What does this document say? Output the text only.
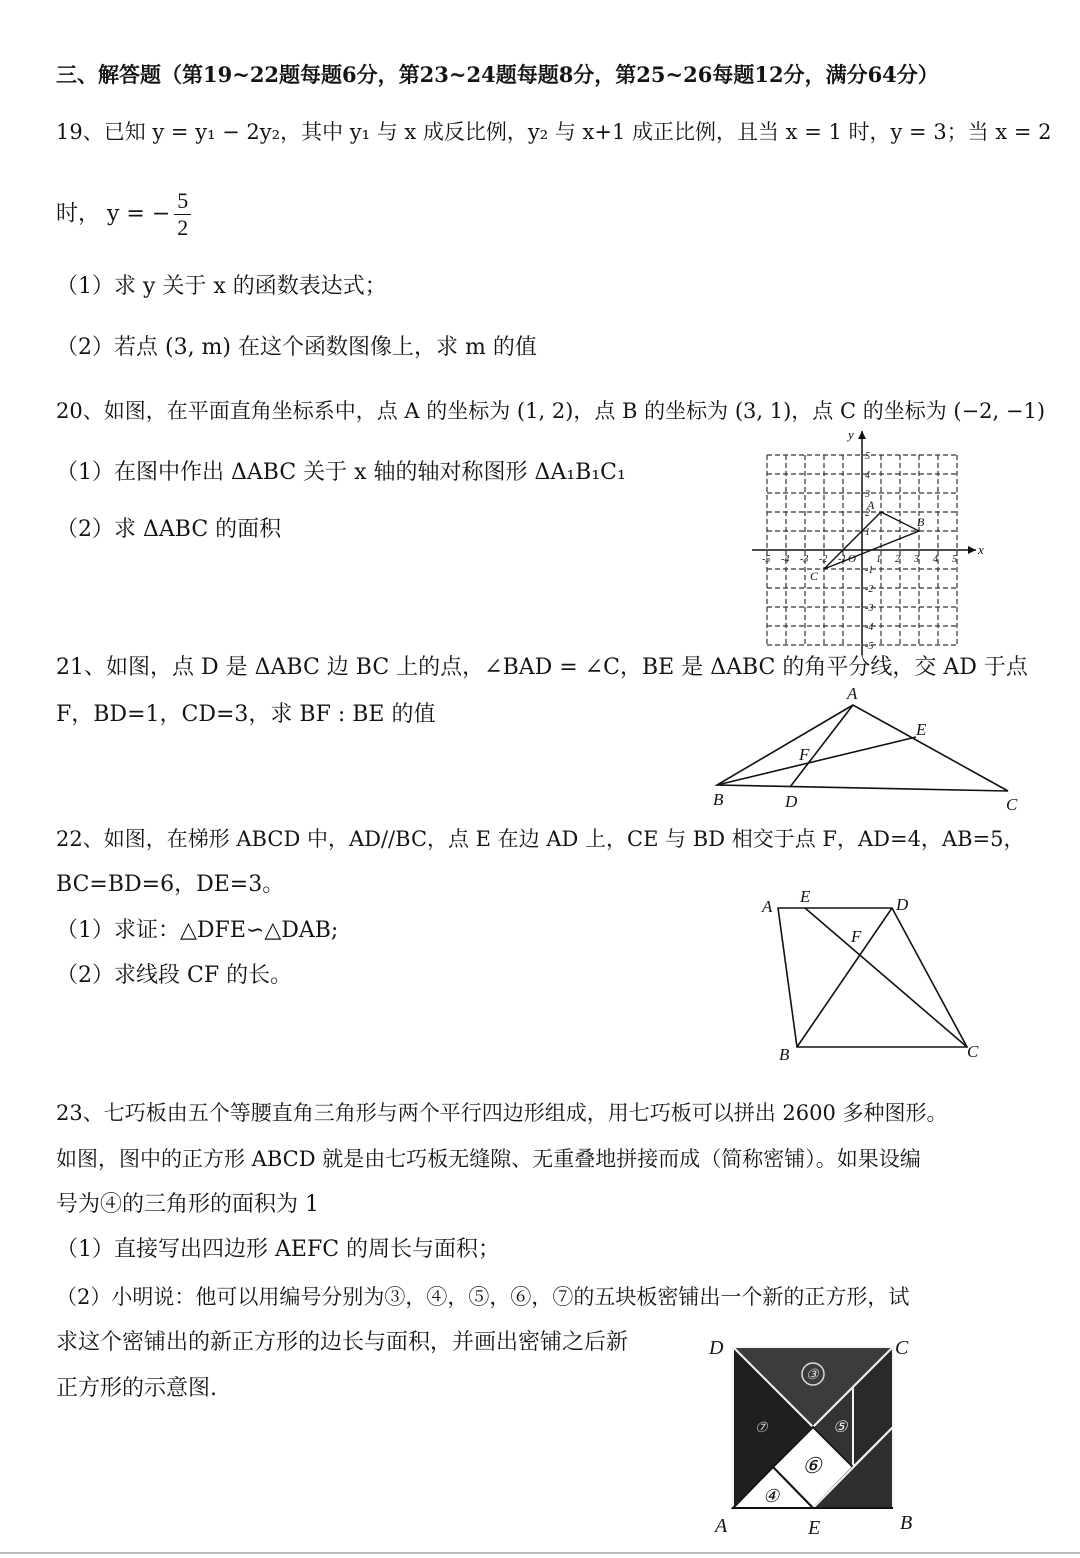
三、解答题（第19~22题每题6分，第23~24题每题8分，第25~26每题12分，满分64分）
19、已知 y = y₁ − 2y₂，其中 y₁ 与 x 成反比例，y₂ 与 x+1 成正比例，且当 x = 1 时，y = 3；当 x = 2
时， y = − $\frac{5}{2}$
（1）求 y 关于 x 的函数表达式；
（2）若点 (3, m) 在这个函数图像上，求 m 的值
20、如图，在平面直角坐标系中，点 A 的坐标为 (1, 2)，点 B 的坐标为 (3, 1)，点 C 的坐标为 (−2, −1)
（1）在图中作出 ΔABC 关于 x 轴的轴对称图形 ΔA₁B₁C₁
（2）求 ΔABC 的面积
y
x
O
-5 -4 -3 -2 -1	1 2 3 4 5
5
4
3
2
1
-1
-2
-3
-4
-5
A
B
C
21、如图，点 D 是 ΔABC 边 BC 上的点，∠BAD = ∠C，BE 是 ΔABC 的角平分线，交 AD 于点
F，BD=1，CD=3，求 BF : BE 的值
A
B	C
D
E
F
22、如图，在梯形 ABCD 中，AD//BC，点 E 在边 AD 上，CE 与 BD 相交于点 F，AD=4，AB=5，
BC=BD=6，DE=3。
（1）求证：△DFE∽△DAB;
（2）求线段 CF 的长。
A
E	D
F
B	C
23、七巧板由五个等腰直角三角形与两个平行四边形组成，用七巧板可以拼出 2600 多种图形。
如图，图中的正方形 ABCD 就是由七巧板无缝隙、无重叠地拼接而成（简称密铺）。如果设编
号为④的三角形的面积为 1
（1）直接写出四边形 AEFC 的周长与面积；
（2）小明说：他可以用编号分别为③，④，⑤，⑥，⑦的五块板密铺出一个新的正方形，试
求这个密铺出的新正方形的边长与面积，并画出密铺之后新
正方形的示意图.
③
⑦	⑤
⑥
④
D	C
A	E	B
